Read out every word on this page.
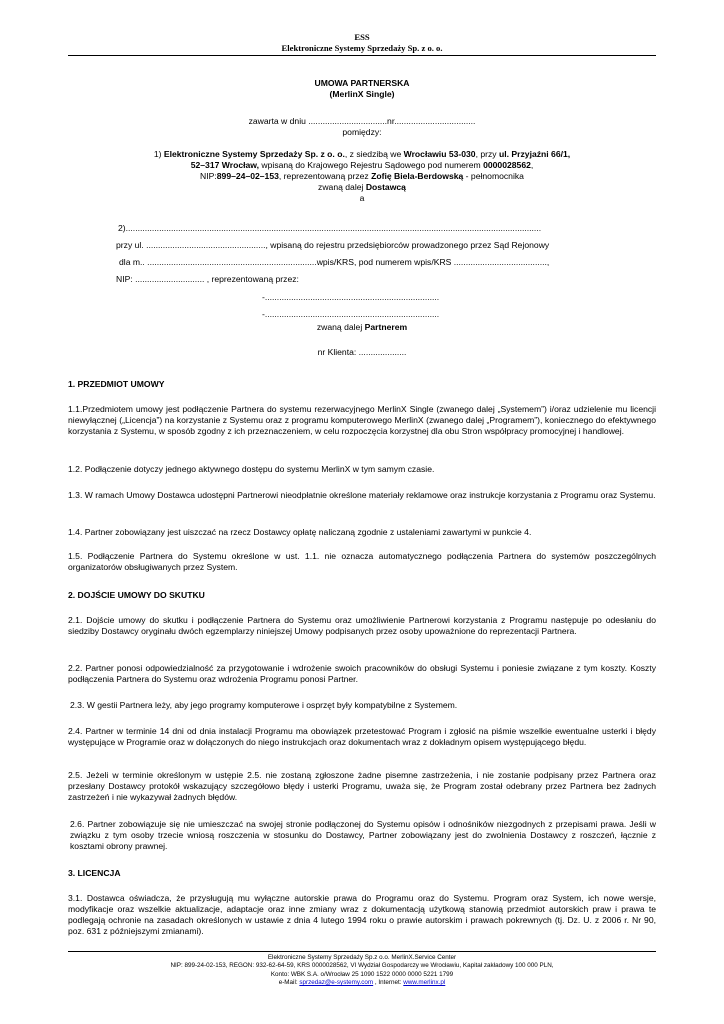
ESS
Elektroniczne Systemy Sprzedaży Sp. z o. o.
UMOWA PARTNERSKA
(MerlinX Single)
zawarta w dniu .................................nr..................................
pomiędzy:
1) Elektroniczne Systemy Sprzedaży Sp. z o. o., z siedzibą we Wrocławiu 53-030, przy ul. Przyjaźni 66/1,
52–317 Wrocław, wpisaną do Krajowego Rejestru Sądowego pod numerem 0000028562,
NIP:899–24–02–153, reprezentowaną przez Zofię Biela-Berdowską - pełnomocnika
zwaną dalej Dostawcą
a
2)..............................................................................................................................................................................
przy ul. .................................................., wpisaną do rejestru przedsiębiorców prowadzonego przez Sąd Rejonowy
dla m.. .......................................................................wpis/KRS, pod numerem wpis/KRS .......................................,
NIP: ............................. , reprezentowaną przez:
-.........................................................................
-.........................................................................
zwaną dalej Partnerem
nr Klienta: ....................
1. PRZEDMIOT UMOWY
1.1.Przedmiotem umowy jest podłączenie Partnera do systemu rezerwacyjnego MerlinX Single (zwanego dalej „Systemem”) i/oraz udzielenie mu licencji niewyłącznej („Licencja”) na korzystanie z Systemu oraz z programu komputerowego MerlinX (zwanego dalej „Programem”), koniecznego do efektywnego korzystania z Systemu, w sposób zgodny z ich przeznaczeniem, w celu rozpoczęcia korzystnej dla obu Stron współpracy promocyjnej i handlowej.
1.2. Podłączenie dotyczy jednego aktywnego dostępu do systemu MerlinX w tym samym czasie.
1.3. W ramach Umowy Dostawca udostępni Partnerowi nieodpłatnie określone materiały reklamowe oraz instrukcje korzystania z Programu oraz Systemu.
1.4. Partner zobowiązany jest uiszczać na rzecz Dostawcy opłatę naliczaną zgodnie z ustaleniami zawartymi w punkcie 4.
1.5. Podłączenie Partnera do Systemu określone w ust. 1.1. nie oznacza automatycznego podłączenia Partnera do systemów poszczególnych organizatorów obsługiwanych przez System.
2. DOJŚCIE UMOWY DO SKUTKU
2.1. Dojście umowy do skutku i podłączenie Partnera do Systemu oraz umożliwienie Partnerowi korzystania z Programu następuje po odesłaniu do siedziby Dostawcy oryginału dwóch egzemplarzy niniejszej Umowy podpisanych przez osoby upoważnione do reprezentacji Partnera.
2.2. Partner ponosi odpowiedzialność za przygotowanie i wdrożenie swoich pracowników do obsługi Systemu i poniesie związane z tym koszty. Koszty podłączenia Partnera do Systemu oraz wdrożenia Programu ponosi Partner.
2.3. W gestii Partnera leży, aby jego programy komputerowe i osprzęt były kompatybilne z Systemem.
2.4. Partner w terminie 14 dni od dnia instalacji Programu ma obowiązek przetestować Program i zgłosić na piśmie wszelkie ewentualne usterki i błędy występujące w Programie oraz w dołączonych do niego instrukcjach oraz dokumentach wraz z dokładnym opisem występującego błędu.
2.5. Jeżeli w terminie określonym w ustępie 2.5. nie zostaną zgłoszone żadne pisemne zastrzeżenia, i nie zostanie podpisany przez Partnera oraz przesłany Dostawcy protokół wskazujący szczegółowo błędy i usterki Programu, uważa się, że Program został odebrany przez Partnera bez żadnych zastrzeżeń i nie wykazywał żadnych błędów.
2.6. Partner zobowiązuje się nie umieszczać na swojej stronie podłączonej do Systemu opisów i odnośników niezgodnych z przepisami prawa. Jeśli w związku z tym osoby trzecie wniosą roszczenia w stosunku do Dostawcy, Partner zobowiązany jest do zwolnienia Dostawcy z roszczeń, łącznie z kosztami obrony prawnej.
3. LICENCJA
3.1. Dostawca oświadcza, że przysługują mu wyłączne autorskie prawa do Programu oraz do Systemu. Program oraz System, ich nowe wersje, modyfikacje oraz wszelkie aktualizacje, adaptacje oraz inne zmiany wraz z dokumentacją użytkową stanowią przedmiot autorskich praw i prawa te podlegają ochronie na zasadach określonych w ustawie z dnia 4 lutego 1994 roku o prawie autorskim i prawach pokrewnych (tj. Dz. U. z 2006 r. Nr 90, poz. 631 z późniejszymi zmianami).
Elektroniczne Systemy Sprzedaży Sp.z o.o. MerlinX.Service Center
NIP: 899-24-02-153, REGON: 932-62-64-59, KRS 0000028562, VI Wydział Gospodarczy we Wrocławiu, Kapitał zakładowy 100 000 PLN,
Konto: WBK S.A. o/Wrocław 25 1090 1522 0000 0000 5221 1799
e-Mail: sprzedaz@e-systemy.com , Internet: www.merlinx.pl
